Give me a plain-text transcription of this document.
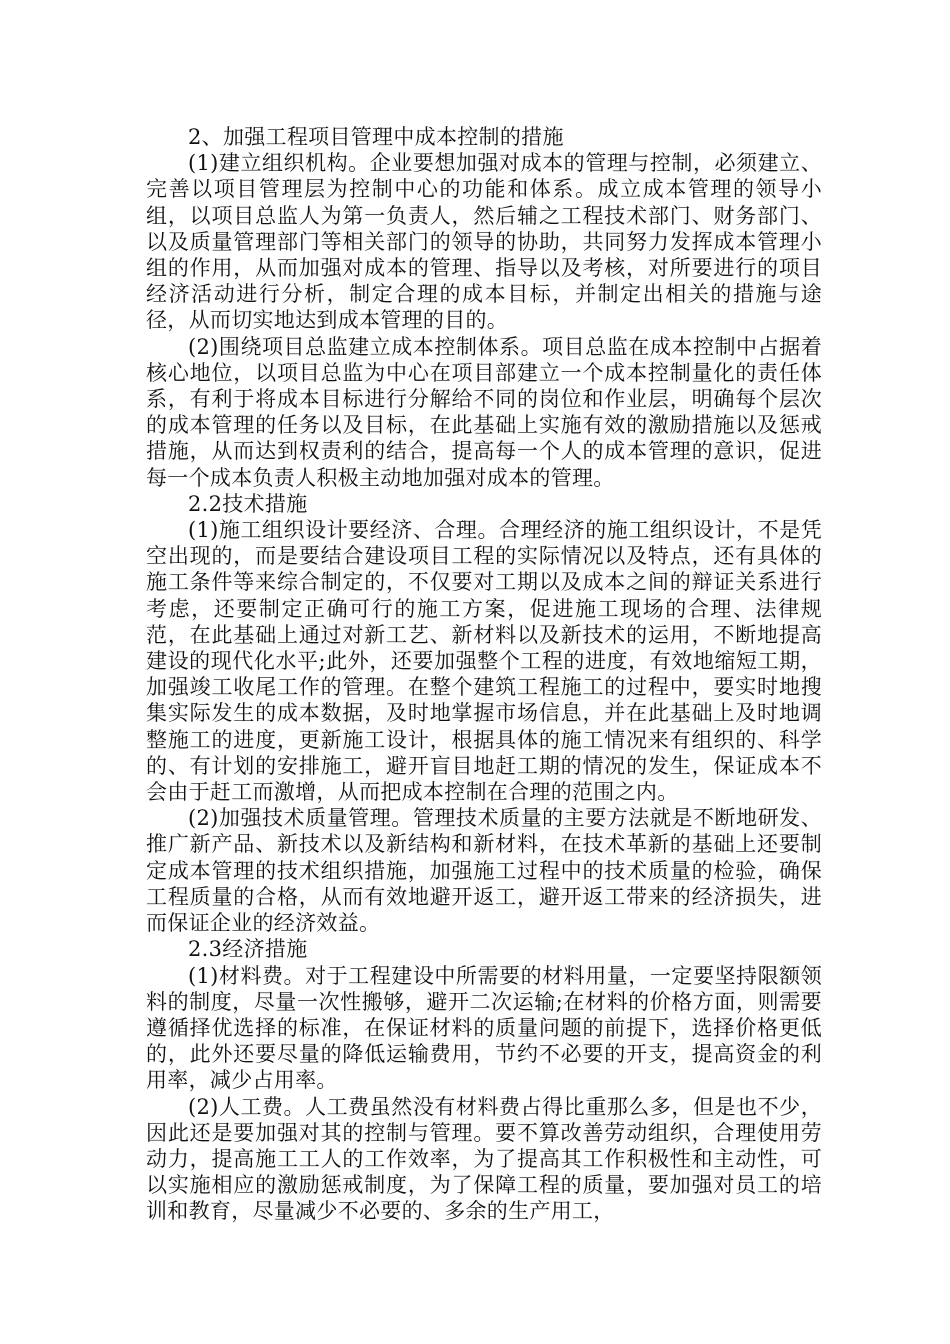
2、加强工程项目管理中成本控制的措施

(1)建立组织机构。企业要想加强对成本的管理与控制，必须建立、完善以项目管理层为控制中心的功能和体系。成立成本管理的领导小组，以项目总监人为第一负责人，然后辅之工程技术部门、财务部门、以及质量管理部门等相关部门的领导的协助，共同努力发挥成本管理小组的作用，从而加强对成本的管理、指导以及考核，对所要进行的项目经济活动进行分析，制定合理的成本目标，并制定出相关的措施与途径，从而切实地达到成本管理的目的。

(2)围绕项目总监建立成本控制体系。项目总监在成本控制中占据着核心地位，以项目总监为中心在项目部建立一个成本控制量化的责任体系，有利于将成本目标进行分解给不同的岗位和作业层，明确每个层次的成本管理的任务以及目标，在此基础上实施有效的激励措施以及惩戒措施，从而达到权责利的结合，提高每一个人的成本管理的意识，促进每一个成本负责人积极主动地加强对成本的管理。

2.2技术措施

(1)施工组织设计要经济、合理。合理经济的施工组织设计，不是凭空出现的，而是要结合建设项目工程的实际情况以及特点，还有具体的施工条件等来综合制定的，不仅要对工期以及成本之间的辩证关系进行考虑，还要制定正确可行的施工方案，促进施工现场的合理、法律规范，在此基础上通过对新工艺、新材料以及新技术的运用，不断地提高建设的现代化水平;此外，还要加强整个工程的进度，有效地缩短工期，加强竣工收尾工作的管理。在整个建筑工程施工的过程中，要实时地搜集实际发生的成本数据，及时地掌握市场信息，并在此基础上及时地调整施工的进度，更新施工设计，根据具体的施工情况来有组织的、科学的、有计划的安排施工，避开盲目地赶工期的情况的发生，保证成本不会由于赶工而激增，从而把成本控制在合理的范围之内。

(2)加强技术质量管理。管理技术质量的主要方法就是不断地研发、推广新产品、新技术以及新结构和新材料，在技术革新的基础上还要制定成本管理的技术组织措施，加强施工过程中的技术质量的检验，确保工程质量的合格，从而有效地避开返工，避开返工带来的经济损失，进而保证企业的经济效益。

2.3经济措施

(1)材料费。对于工程建设中所需要的材料用量，一定要坚持限额领料的制度，尽量一次性搬够，避开二次运输;在材料的价格方面，则需要遵循择优选择的标准，在保证材料的质量问题的前提下，选择价格更低的，此外还要尽量的降低运输费用，节约不必要的开支，提高资金的利用率，减少占用率。

(2)人工费。人工费虽然没有材料费占得比重那么多，但是也不少，因此还是要加强对其的控制与管理。要不算改善劳动组织，合理使用劳动力，提高施工工人的工作效率，为了提高其工作积极性和主动性，可以实施相应的激励惩戒制度，为了保障工程的质量，要加强对员工的培训和教育，尽量减少不必要的、多余的生产用工，
